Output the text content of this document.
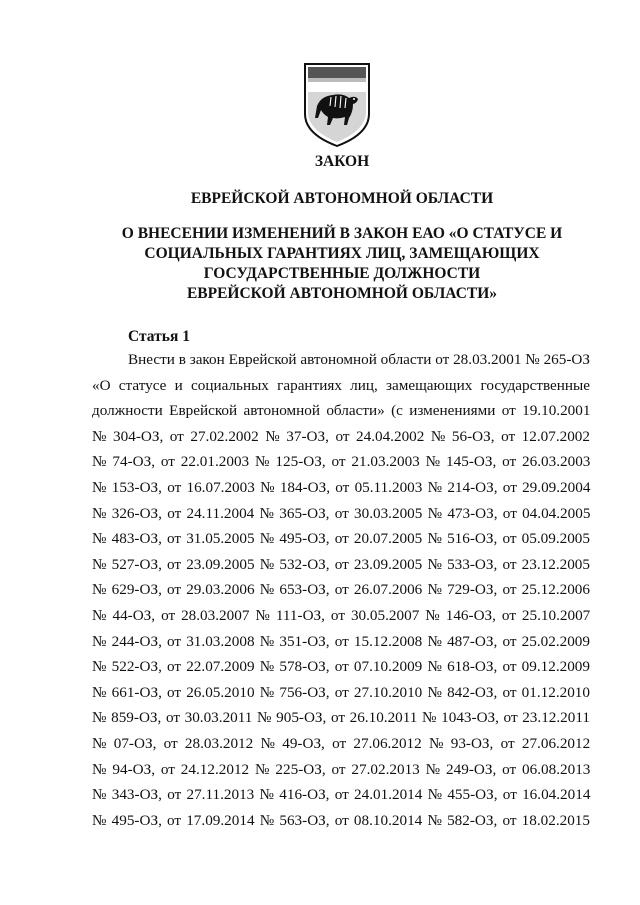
ЗАКОН

ЕВРЕЙСКОЙ АВТОНОМНОЙ ОБЛАСТИ

О ВНЕСЕНИИ ИЗМЕНЕНИЙ В ЗАКОН ЕАО «О СТАТУСЕ И
СОЦИАЛЬНЫХ ГАРАНТИЯХ ЛИЦ, ЗАМЕЩАЮЩИХ
ГОСУДАРСТВЕННЫЕ ДОЛЖНОСТИ
ЕВРЕЙСКОЙ АВТОНОМНОЙ ОБЛАСТИ»

Статья 1

Внести в закон Еврейской автономной области от 28.03.2001 № 265-ОЗ
«О статусе и социальных гарантиях лиц, замещающих государственные
должности Еврейской автономной области» (с изменениями от 19.10.2001
№ 304-ОЗ, от 27.02.2002 № 37-ОЗ, от 24.04.2002 № 56-ОЗ, от 12.07.2002
№ 74-ОЗ, от 22.01.2003 № 125-ОЗ, от 21.03.2003 № 145-ОЗ, от 26.03.2003
№ 153-ОЗ, от 16.07.2003 № 184-ОЗ, от 05.11.2003 № 214-ОЗ, от 29.09.2004
№ 326-ОЗ, от 24.11.2004 № 365-ОЗ, от 30.03.2005 № 473-ОЗ, от 04.04.2005
№ 483-ОЗ, от 31.05.2005 № 495-ОЗ, от 20.07.2005 № 516-ОЗ, от 05.09.2005
№ 527-ОЗ, от 23.09.2005 № 532-ОЗ, от 23.09.2005 № 533-ОЗ, от 23.12.2005
№ 629-ОЗ, от 29.03.2006 № 653-ОЗ, от 26.07.2006 № 729-ОЗ, от 25.12.2006
№ 44-ОЗ, от 28.03.2007 № 111-ОЗ, от 30.05.2007 № 146-ОЗ, от 25.10.2007
№ 244-ОЗ, от 31.03.2008 № 351-ОЗ, от 15.12.2008 № 487-ОЗ, от 25.02.2009
№ 522-ОЗ, от 22.07.2009 № 578-ОЗ, от 07.10.2009 № 618-ОЗ, от 09.12.2009
№ 661-ОЗ, от 26.05.2010 № 756-ОЗ, от 27.10.2010 № 842-ОЗ, от 01.12.2010
№ 859-ОЗ, от 30.03.2011 № 905-ОЗ, от 26.10.2011 № 1043-ОЗ, от 23.12.2011
№ 07-ОЗ, от 28.03.2012 № 49-ОЗ, от 27.06.2012 № 93-ОЗ, от 27.06.2012
№ 94-ОЗ, от 24.12.2012 № 225-ОЗ, от 27.02.2013 № 249-ОЗ, от 06.08.2013
№ 343-ОЗ, от 27.11.2013 № 416-ОЗ, от 24.01.2014 № 455-ОЗ, от 16.04.2014
№ 495-ОЗ, от 17.09.2014 № 563-ОЗ, от 08.10.2014 № 582-ОЗ, от 18.02.2015
